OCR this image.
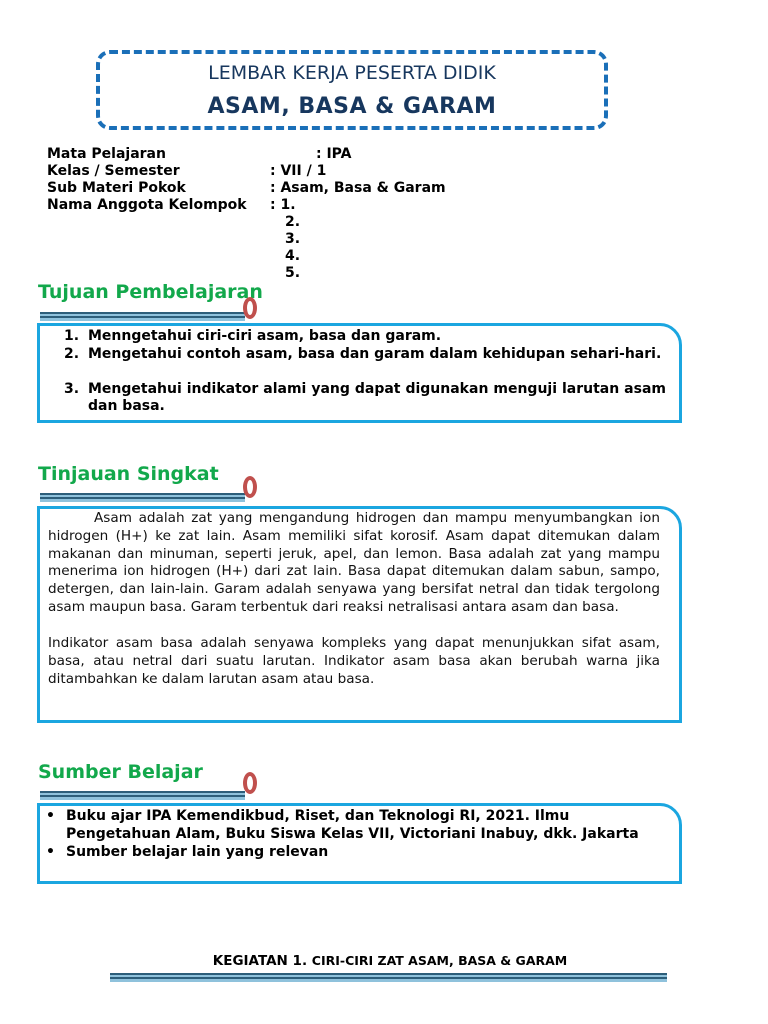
LEMBAR KERJA PESERTA DIDIK
ASAM, BASA & GARAM
Mata Pelajaran	: IPA
Kelas / Semester	: VII / 1
Sub Materi Pokok	: Asam, Basa & Garam
Nama Anggota Kelompok : 1.
2.
3.
4.
5.
Tujuan Pembelajaran
1. Menngetahui ciri-ciri asam, basa dan garam.
2. Mengetahui contoh asam, basa dan garam dalam kehidupan sehari-hari.
3. Mengetahui indikator alami yang dapat digunakan menguji larutan asam dan basa.
Tinjauan Singkat
Asam adalah zat yang mengandung hidrogen dan mampu menyumbangkan ion hidrogen (H+) ke zat lain. Asam memiliki sifat korosif. Asam dapat ditemukan dalam makanan dan minuman, seperti jeruk, apel, dan lemon. Basa adalah zat yang mampu menerima ion hidrogen (H+) dari zat lain. Basa dapat ditemukan dalam sabun, sampo, detergen, dan lain-lain. Garam adalah senyawa yang bersifat netral dan tidak tergolong asam maupun basa. Garam terbentuk dari reaksi netralisasi antara asam dan basa.
Indikator asam basa adalah senyawa kompleks yang dapat menunjukkan sifat asam, basa, atau netral dari suatu larutan. Indikator asam basa akan berubah warna jika ditambahkan ke dalam larutan asam atau basa.
Sumber Belajar
• Buku ajar IPA Kemendikbud, Riset, dan Teknologi RI, 2021. Ilmu Pengetahuan Alam, Buku Siswa Kelas VII, Victoriani Inabuy, dkk. Jakarta
• Sumber belajar lain yang relevan
KEGIATAN 1. CIRI-CIRI ZAT ASAM, BASA & GARAM
